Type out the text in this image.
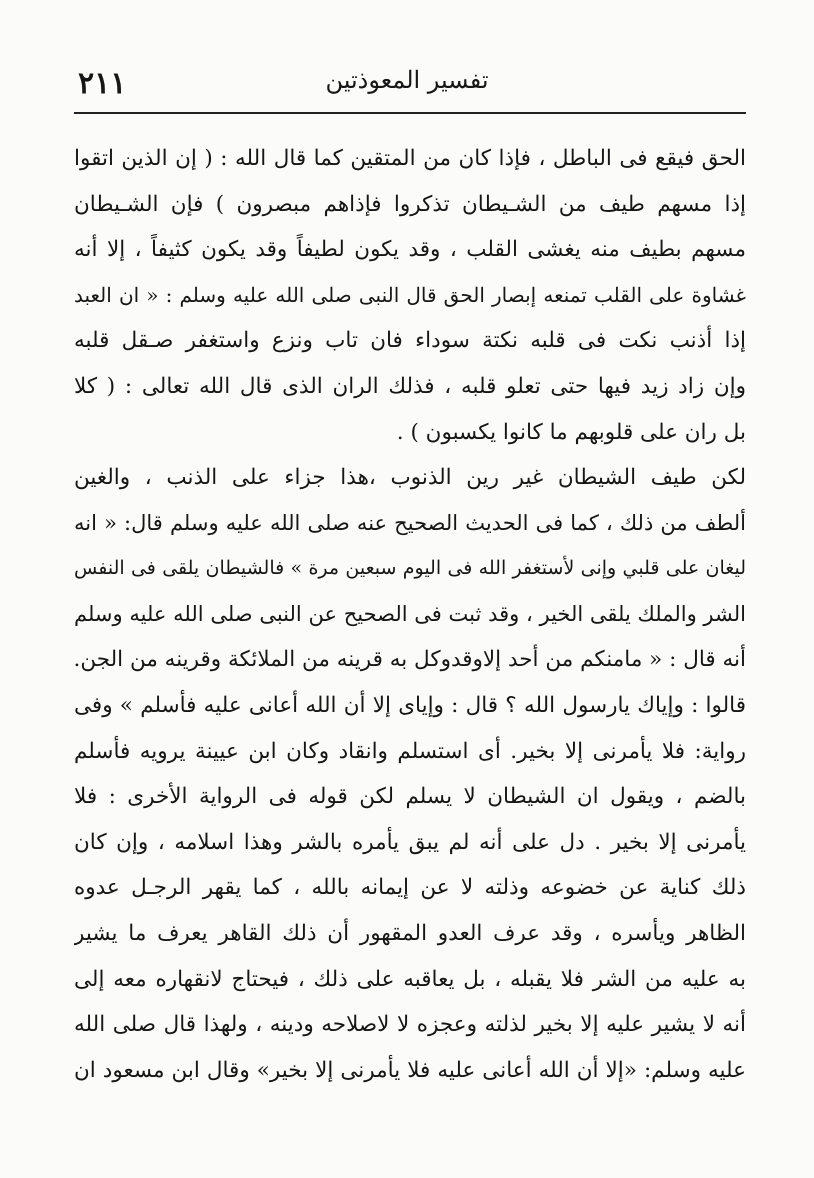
تفسير المعوذتين
٢١١
الحق فيقع فى الباطل ، فإذا كان من المتقين كما قال الله : ( إن الذين اتقوا
إذا مسهم طيف من الشـيطان تذكروا فإذاهم مبصرون ) فإن الشـيطان
مسهم بطيف منه يغشى القلب ، وقد يكون لطيفاً وقد يكون كثيفاً ، إلا أنه
غشاوة على القلب تمنعه إبصار الحق قال النبى صلى الله عليه وسلم : « ان العبد
إذا أذنب نكت فى قلبه نكتة سوداء فان تاب ونزع واستغفر صـقل قلبه
وإن زاد زيد فيها حتى تعلو قلبه ، فذلك الران الذى قال الله تعالى : ( كلا
بل ران على قلوبهم ما كانوا يكسبون ) .
لكن طيف الشيطان غير رين الذنوب ،هذا جزاء على الذنب ، والغين
ألطف من ذلك ، كما فى الحديث الصحيح عنه صلى الله عليه وسلم قال: « انه
ليغان على قلبي وإنى لأستغفر الله فى اليوم سبعين مرة » فالشيطان يلقى فى النفس
الشر والملك يلقى الخير ، وقد ثبت فى الصحيح عن النبى صلى الله عليه وسلم
أنه قال : « مامنكم من أحد إلاوقدوكل به قرينه من الملائكة وقرينه من الجن.
قالوا : وإياك يارسول الله ؟ قال : وإياى إلا أن الله أعانى عليه فأسلم » وفى
رواية: فلا يأمرنى إلا بخير. أى استسلم وانقاد وكان ابن عيينة يرويه فأسلم
بالضم ، ويقول ان الشيطان لا يسلم لكن قوله فى الرواية الأخرى : فلا
يأمرنى إلا بخير . دل على أنه لم يبق يأمره بالشر وهذا اسلامه ، وإن كان
ذلك كناية عن خضوعه وذلته لا عن إيمانه بالله ، كما يقهر الرجـل عدوه
الظاهر ويأسره ، وقد عرف العدو المقهور أن ذلك القاهر يعرف ما يشير
به عليه من الشر فلا يقبله ، بل يعاقبه على ذلك ، فيحتاج لانقهاره معه إلى
أنه لا يشير عليه إلا بخير لذلته وعجزه لا لاصلاحه ودينه ، ولهذا قال صلى الله
عليه وسلم: «إلا أن الله أعانى عليه فلا يأمرنى إلا بخير» وقال ابن مسعود ان
